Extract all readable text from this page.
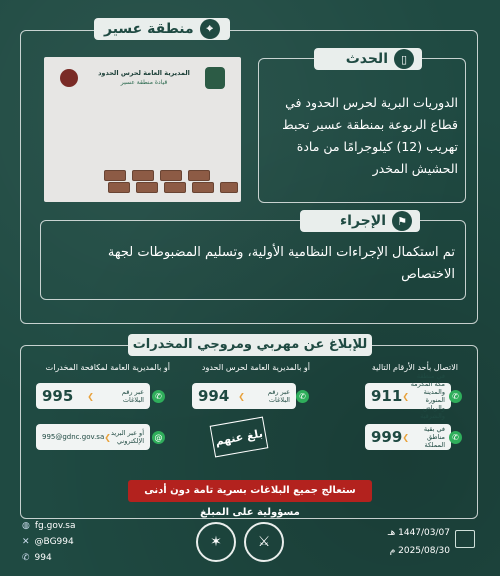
منطقة عسير	⌖
المديرية العامة لحرس الحدود
قيادة منطقة عسير
الحدث	▯
الدوريات البرية لحرس الحدود في قطاع الربوعة بمنطقة عسير تحبط تهريب (12) كيلوجرامًا من مادة الحشيش المخدر
الإجراء	⚑
تم استكمال الإجراءات النظامية الأولية، وتسليم المضبوطات لجهة الاختصاص
للإبلاغ عن مهربي ومروجي المخدرات
الاتصال بأحد الأرقام التالية
أو بالمديرية العامة لحرس الحدود
أو بالمديرية العامة لمكافحة المخدرات
911 ❮
في منطقة مكة المكرمة والمدينة المنورة والرياض والشرقية
✆
999 ❮
في بقية مناطق المملكة
✆
994 ❮	عبر رقم البلاغات	✆
بلغ عنهم
995 ❮	عبر رقم البلاغات	✆
995@gdnc.gov.sa ❮ أو عبر البريد الإلكتروني	@
ستعالج جميع البلاغات بسرية تامة دون أدنى مسؤولية على المبلغ
◍ fg.gov.sa
✕ @BG994
✆ 994
✶	⚔
1447/03/07 هـ
2025/08/30 م
